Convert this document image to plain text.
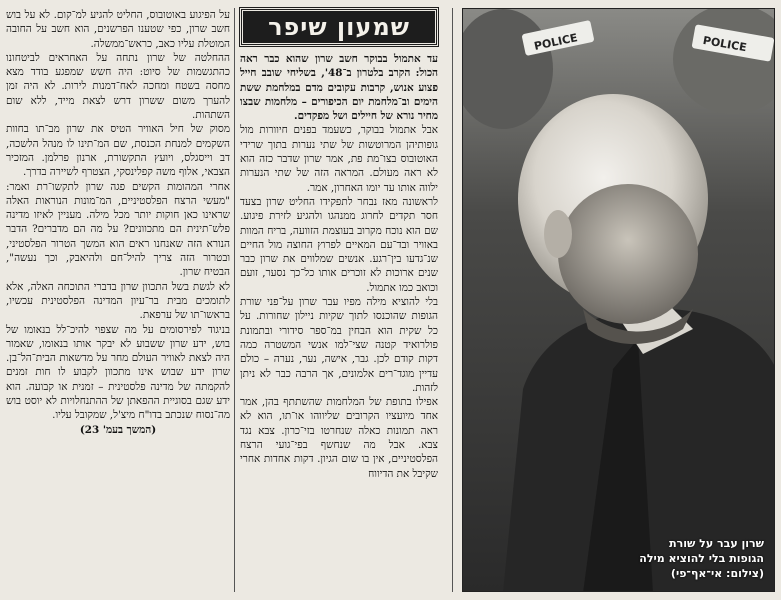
על הפיגוע באוטובוס, החליט להגיע למ־קום. לא על בוש חשב שרון, כפי שטענו הפרשנים, הוא חשב על החובה המוטלת עליו כאב, כראש־ממשלה.

ההחלטה של שרון נתחה על האחראים לביטחונו כהתגשמות של סיוט: היה חשש שמפגע בודד מצא מחסה בשטח ומחכה לאח־דמנות לירות. לא היה זמן להערך משום ששרון דרש לצאת מייד, ללא שום השתהות.

מסוק של חיל האוויר הטיס את שרון מב־תו בחוות השקמים למנחת הכנסת, שם המ־תינו לו מנהל הלשכה, דב וייסגלס, ויועץ התקשורת, ארנון פרלמן. המזכיר הצבאי, אלוף משה קפלינסקי, הצטרף לשיירה בדרך.

אחרי המהומות הקשים פגה שרון לתקשו־רת ואמר: "מעשי הרצח הפלסטיניים, המ־מונות הנוראות האלה שראינו כאן חוקות יותר מכל מילה. מעניין לאיזו מדינה פלש־תינית הם מתכוונים? על מה הם מדברים? הדבר הנורא הזה שאנחנו ראים הוא המשך הטרור הפלסטיני, ובטרור הזה צריך להיל־חם ולהיאבק, וכך נעשה", הבטיח שרון.

לא לגשת בשל התכוון שרון בדברי התוכחה האלה, אלא לתומכים מבית בר־עיון המדינה הפלסטינית עכשיו, בראשו־תו של ערפאת.

בניגוד לפירסומים על מה שצפוי להיכ־לל בנאומו של בוש, ידע שרון ששבוע לא יבקר אותו בנאומו, שאמור היה לצאת לאוויר העולם מחר על מדשאות הבית־הל־בן. שרון ידע שבוש אינו מתכוון לקבוע לו חות זמנים להקמתה של מדינה פלסטינית – זמנית או קבועה. הוא ידע שגם בסוגיית ההפאתן של ההתנחלויות לא יוסט בוש מה־נסוח שנכתב בדו"ח מיצ'ל, שמקובל עליו.

(המשך בעמ' 23)

שמעון שיפר

עד אתמול בבוקר חשב שרון שהוא כבר ראה הכול: הקרב בלטרון ב־48', בשליחי שובב חייל פצוע אנוש, קרבות עקובים מדם במלחמת ששת הימים וב־מלחמת יום הכיפורים – מלחמות שבצו מחיר נורא של חיילים ושל מפקדים.

אבל אתמול בבוקר, כשעמד בפנים חיוורות מול גופותיהן המרוטשות של שתי נערות בתוך שרידי האוטובוס בצו־מת פת, אמר שרון שדבר כזה הוא לא ראה מעולם. המראה הזה של שתי הנערות ילווה אותו עד יומו האחרון, אמר.

לראשונה מאז נבחר לתפקידו החליט שרון בצעד חסר תקדים לחרוג ממנהגו ולהגיע לזירת פיגוע. שם הוא נוכח מקרוב בעוצמת הזוועה, בריח המוות באוויר ובד־עם המאיים לפרוץ החוצה מול החיים שנ־גדעו בין־רגע. אנשים שמלווים את שרון כבר שנים ארוכות לא זוכרים אותו כל־כך נסער, זועם וכואב כמו אתמול.

בלי להוציא מילה מפיו עבר שרון על־פני שורת הגופות שהוכנסו לתוך שקיות ניילון שחורות. על כל שקית הוא הבחין במ־ספר סידורי ובתמונת פולרואיד קטנה שצי־למו אנשי המשטרה כמה דקות קודם לכן. גבר, אישה, נער, נערה – כולם עדיין מוגד־רים אלמונים, אך הרבה כבר לא ניתן לזהות.

אפילו בתופת של המלחמות שהשתתף בהן, אמר אחד מיועציו הקרובים שליווהו או־תו, הוא לא ראה תמונות כאלה שנחרטו בזי־כרון. צבא נגד צבא. אבל מה שנחשף בפי־גועי הרצח הפלסטיניים, אין בו שום הגיון. דקות אחדות אחרי שקיבל את הדיווח

POLICE	POLICE
שרון עבר על שורת
הגופות בלי להוציא מילה
(צילום: אי־אף־פי)
